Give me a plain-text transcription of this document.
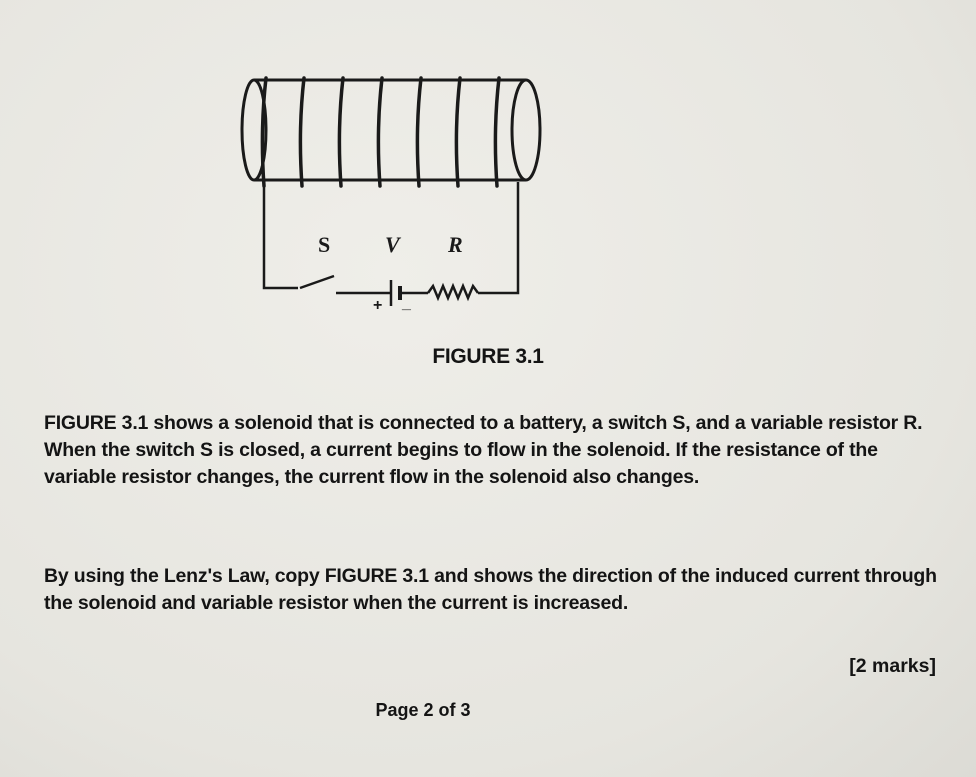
S V R
+ _
FIGURE 3.1
FIGURE 3.1 shows a solenoid that is connected to a battery, a switch S, and a variable resistor R. When the switch S is closed, a current begins to flow in the solenoid. If the resistance of the variable resistor changes, the current flow in the solenoid also changes.
By using the Lenz's Law, copy FIGURE 3.1 and shows the direction of the induced current through the solenoid and variable resistor when the current is increased.
[2 marks]
Page 2 of 3
